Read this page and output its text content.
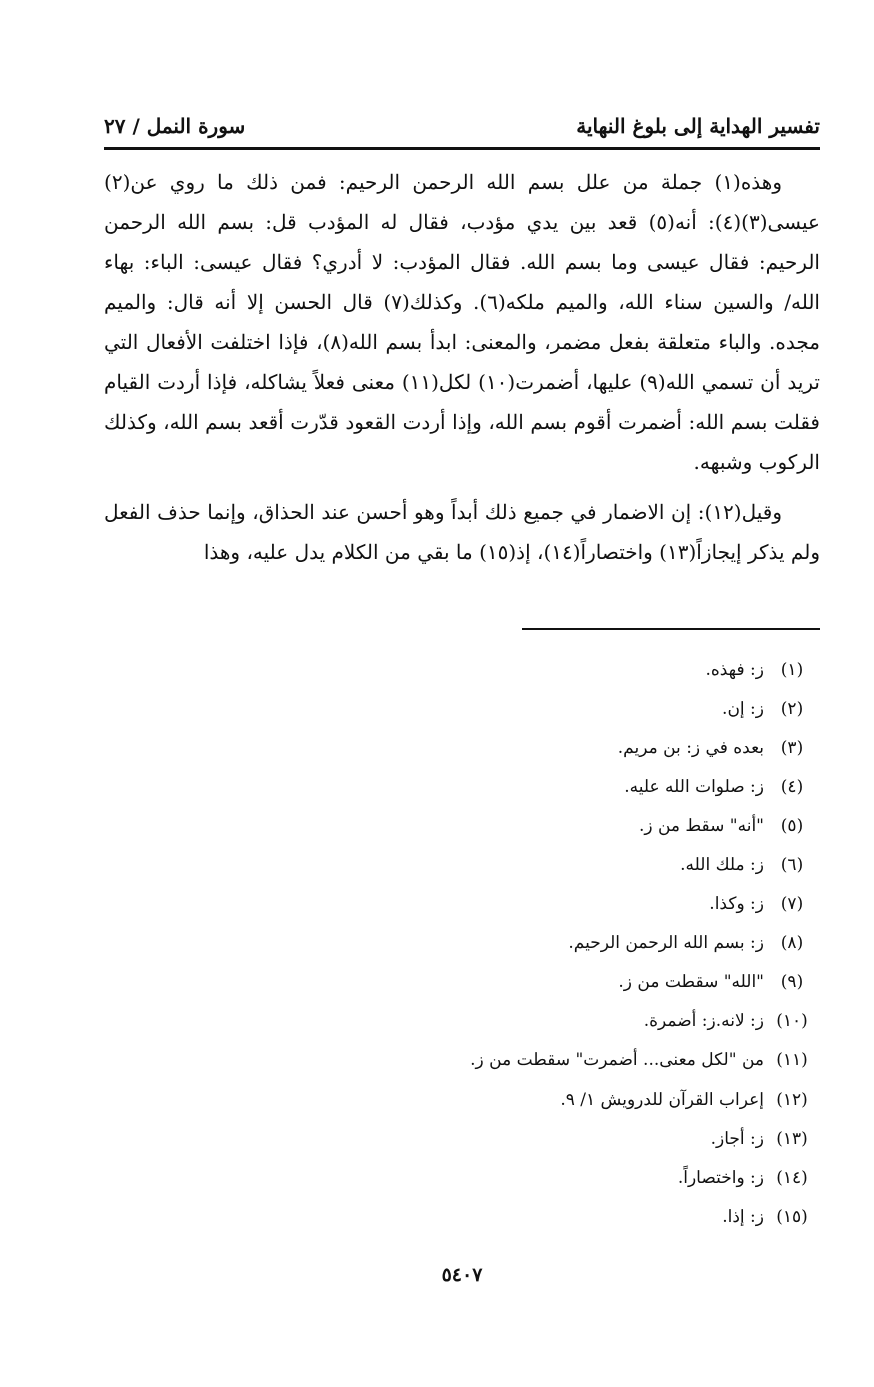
تفسير الهداية إلى بلوغ النهاية
سورة النمل / ٢٧

وهذه(١) جملة من علل بسم الله الرحمن الرحيم: فمن ذلك ما روي عن(٢) عيسى(٣)(٤): أنه(٥) قعد بين يدي مؤدب، فقال له المؤدب قل: بسم الله الرحمن الرحيم: فقال عيسى وما بسم الله. فقال المؤدب: لا أدري؟ فقال عيسى: الباء: بهاء الله/ والسين سناء الله، والميم ملكه(٦). وكذلك(٧) قال الحسن إلا أنه قال: والميم مجده. والباء متعلقة بفعل مضمر، والمعنى: ابدأ بسم الله(٨)، فإذا اختلفت الأفعال التي تريد أن تسمي الله(٩) عليها، أضمرت(١٠) لكل(١١) معنى فعلاً يشاكله، فإذا أردت القيام فقلت بسم الله: أضمرت أقوم بسم الله، وإذا أردت القعود قدّرت أقعد بسم الله، وكذلك الركوب وشبهه.

وقيل(١٢): إن الاضمار في جميع ذلك أبداً وهو أحسن عند الحذاق، وإنما حذف الفعل ولم يذكر إيجازاً(١٣) واختصاراً(١٤)، إذ(١٥) ما بقي من الكلام يدل عليه، وهذا

(١)
ز: فهذه.
(٢)
ز: إن.
(٣)
بعده في ز: بن مريم.
(٤)
ز: صلوات الله عليه.
(٥)
"أنه" سقط من ز.
(٦)
ز: ملك الله.
(٧)
ز: وكذا.
(٨)
ز: بسم الله الرحمن الرحيم.
(٩)
"الله" سقطت من ز.
(١٠)
ز: لانه.ز: أضمرة.
(١١)
من "لكل معنى... أضمرت" سقطت من ز.
(١٢)
إعراب القرآن للدرويش ١/ ٩.
(١٣)
ز: أجاز.
(١٤)
ز: واختصاراً.
(١٥)
ز: إذا.
٥٤٠٧
